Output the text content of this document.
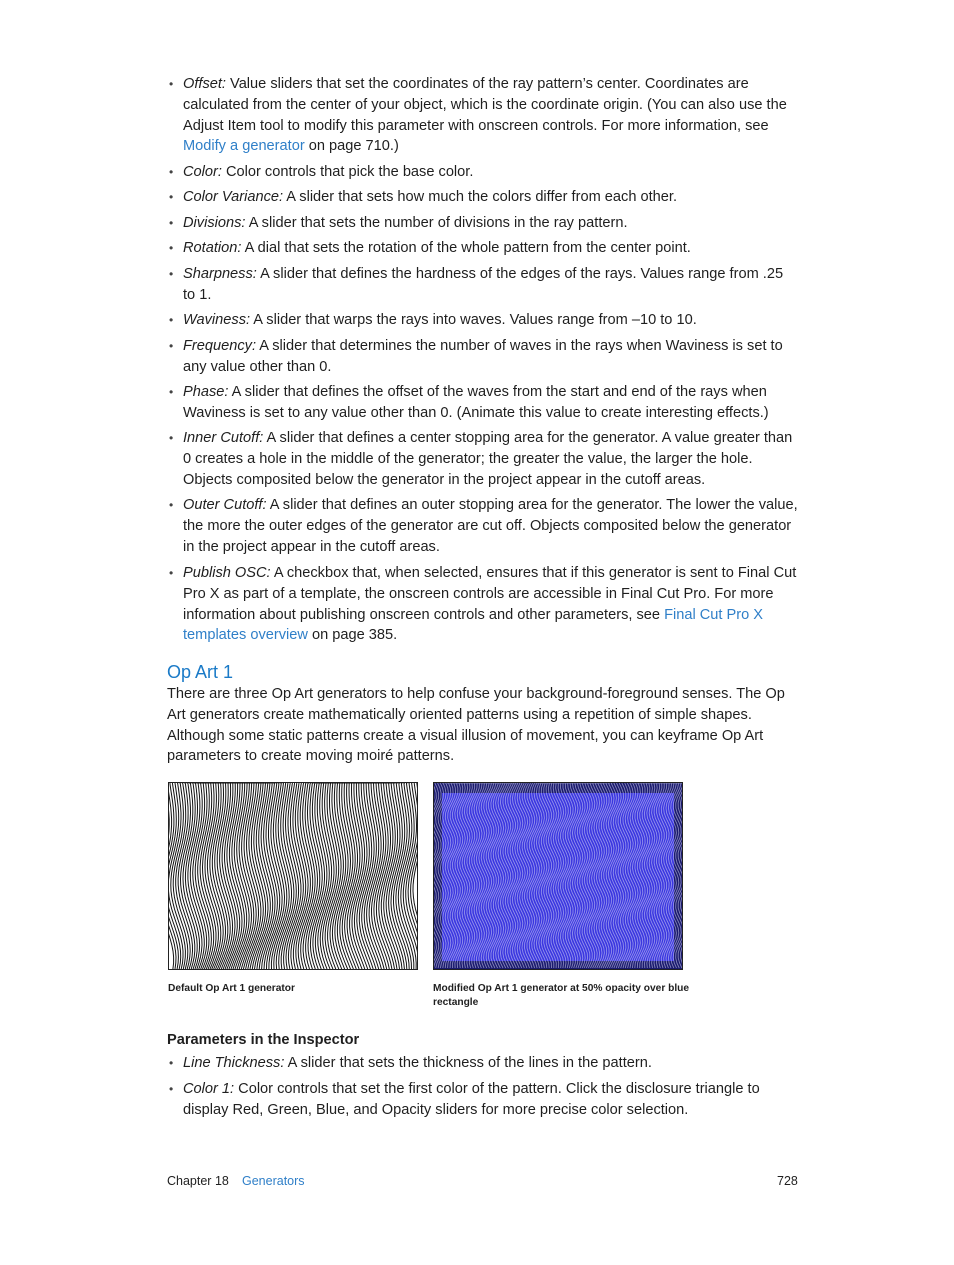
• Offset: Value sliders that set the coordinates of the ray pattern’s center. Coordinates are calculated from the center of your object, which is the coordinate origin. (You can also use the Adjust Item tool to modify this parameter with onscreen controls. For more information, see Modify a generator on page 710.)
• Color: Color controls that pick the base color.
• Color Variance: A slider that sets how much the colors differ from each other.
• Divisions: A slider that sets the number of divisions in the ray pattern.
• Rotation: A dial that sets the rotation of the whole pattern from the center point.
• Sharpness: A slider that defines the hardness of the edges of the rays. Values range from .25 to 1.
• Waviness: A slider that warps the rays into waves. Values range from –10 to 10.
• Frequency: A slider that determines the number of waves in the rays when Waviness is set to any value other than 0.
• Phase: A slider that defines the offset of the waves from the start and end of the rays when Waviness is set to any value other than 0. (Animate this value to create interesting effects.)
• Inner Cutoff: A slider that defines a center stopping area for the generator. A value greater than 0 creates a hole in the middle of the generator; the greater the value, the larger the hole. Objects composited below the generator in the project appear in the cutoff areas.
• Outer Cutoff: A slider that defines an outer stopping area for the generator. The lower the value, the more the outer edges of the generator are cut off. Objects composited below the generator in the project appear in the cutoff areas.
• Publish OSC: A checkbox that, when selected, ensures that if this generator is sent to Final Cut Pro X as part of a template, the onscreen controls are accessible in Final Cut Pro. For more information about publishing onscreen controls and other parameters, see Final Cut Pro X templates overview on page 385.
Op Art 1

There are three Op Art generators to help confuse your background-foreground senses. The Op Art generators create mathematically oriented patterns using a repetition of simple shapes. Although some static patterns create a visual illusion of movement, you can keyframe Op Art parameters to create moving moiré patterns.

Default Op Art 1 generator	Modified Op Art 1 generator at 50% opacity over blue rectangle
Parameters in the Inspector
• Line Thickness: A slider that sets the thickness of the lines in the pattern.
• Color 1: Color controls that set the first color of the pattern. Click the disclosure triangle to display Red, Green, Blue, and Opacity sliders for more precise color selection.
Chapter 18 Generators	728
